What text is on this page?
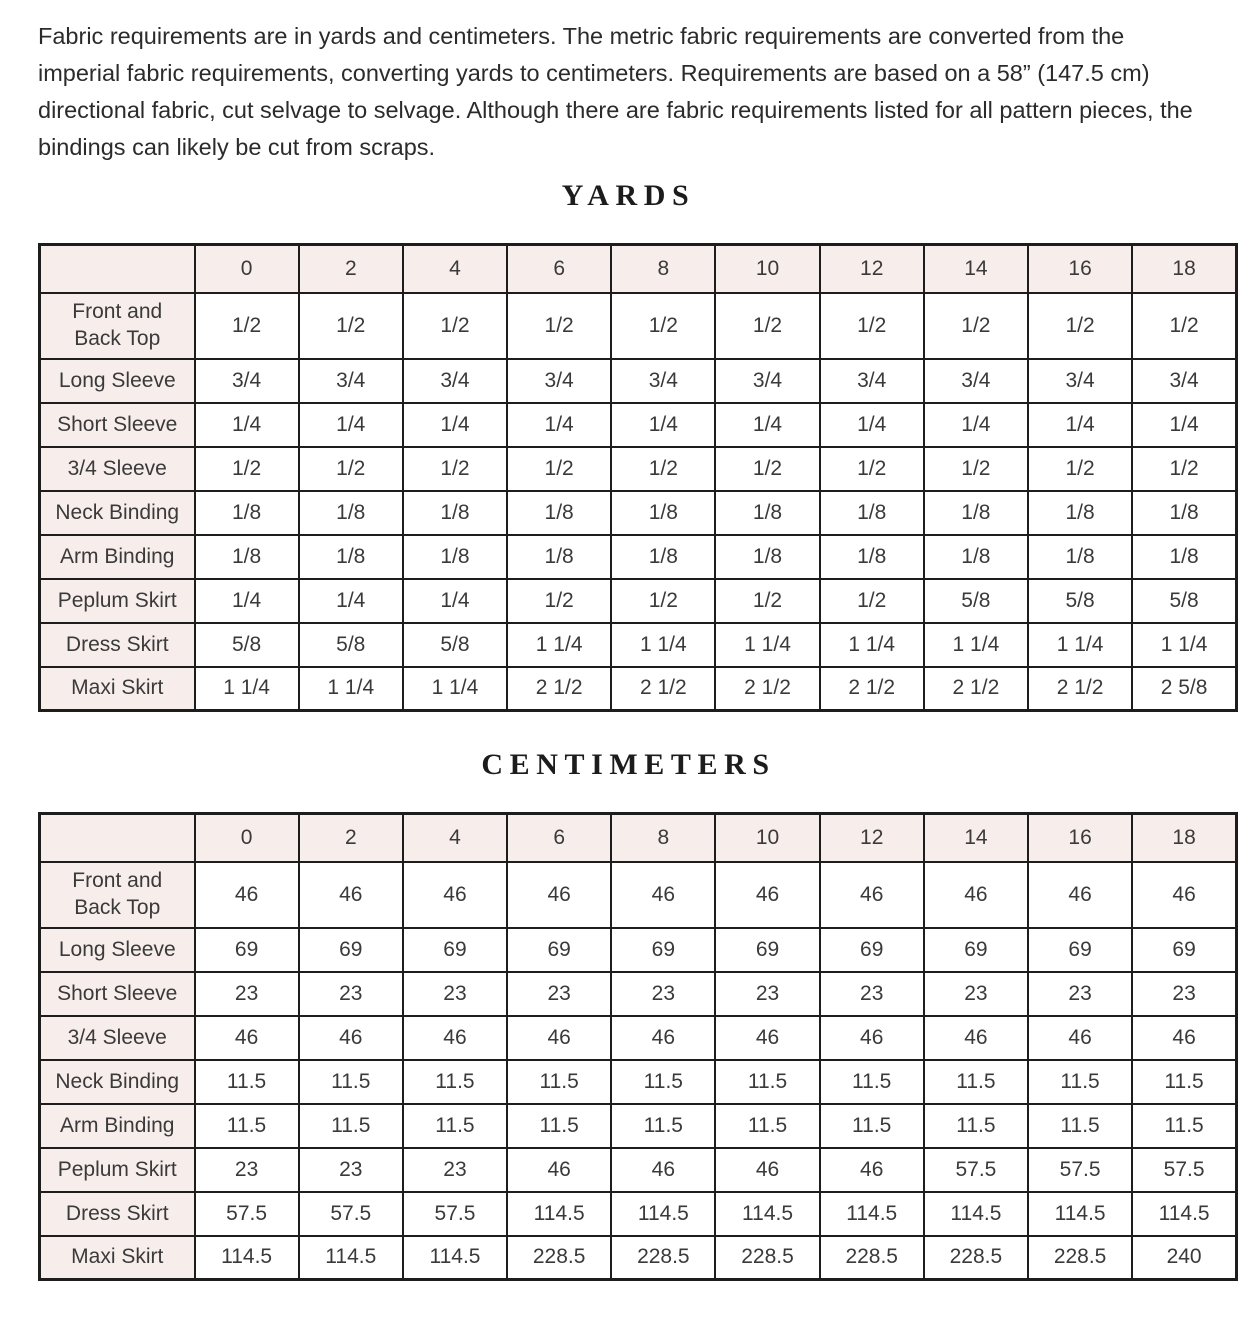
Fabric requirements are in yards and centimeters. The metric fabric requirements are converted from the imperial fabric requirements, converting yards to centimeters. Requirements are based on a 58” (147.5 cm) directional fabric, cut selvage to selvage. Although there are fabric requirements listed for all pattern pieces, the bindings can likely be cut from scraps.

YARDS
	0	2	4	6	8	10	12	14	16	18
Front and Back Top	1/2	1/2	1/2	1/2	1/2	1/2	1/2	1/2	1/2	1/2
Long Sleeve	3/4	3/4	3/4	3/4	3/4	3/4	3/4	3/4	3/4	3/4
Short Sleeve	1/4	1/4	1/4	1/4	1/4	1/4	1/4	1/4	1/4	1/4
3/4 Sleeve	1/2	1/2	1/2	1/2	1/2	1/2	1/2	1/2	1/2	1/2
Neck Binding	1/8	1/8	1/8	1/8	1/8	1/8	1/8	1/8	1/8	1/8
Arm Binding	1/8	1/8	1/8	1/8	1/8	1/8	1/8	1/8	1/8	1/8
Peplum Skirt	1/4	1/4	1/4	1/2	1/2	1/2	1/2	5/8	5/8	5/8
Dress Skirt	5/8	5/8	5/8	1 1/4	1 1/4	1 1/4	1 1/4	1 1/4	1 1/4	1 1/4
Maxi Skirt	1 1/4	1 1/4	1 1/4	2 1/2	2 1/2	2 1/2	2 1/2	2 1/2	2 1/2	2 5/8
CENTIMETERS
	0	2	4	6	8	10	12	14	16	18
Front and Back Top	46	46	46	46	46	46	46	46	46	46
Long Sleeve	69	69	69	69	69	69	69	69	69	69
Short Sleeve	23	23	23	23	23	23	23	23	23	23
3/4 Sleeve	46	46	46	46	46	46	46	46	46	46
Neck Binding	11.5	11.5	11.5	11.5	11.5	11.5	11.5	11.5	11.5	11.5
Arm Binding	11.5	11.5	11.5	11.5	11.5	11.5	11.5	11.5	11.5	11.5
Peplum Skirt	23	23	23	46	46	46	46	57.5	57.5	57.5
Dress Skirt	57.5	57.5	57.5	114.5	114.5	114.5	114.5	114.5	114.5	114.5
Maxi Skirt	114.5	114.5	114.5	228.5	228.5	228.5	228.5	228.5	228.5	240
